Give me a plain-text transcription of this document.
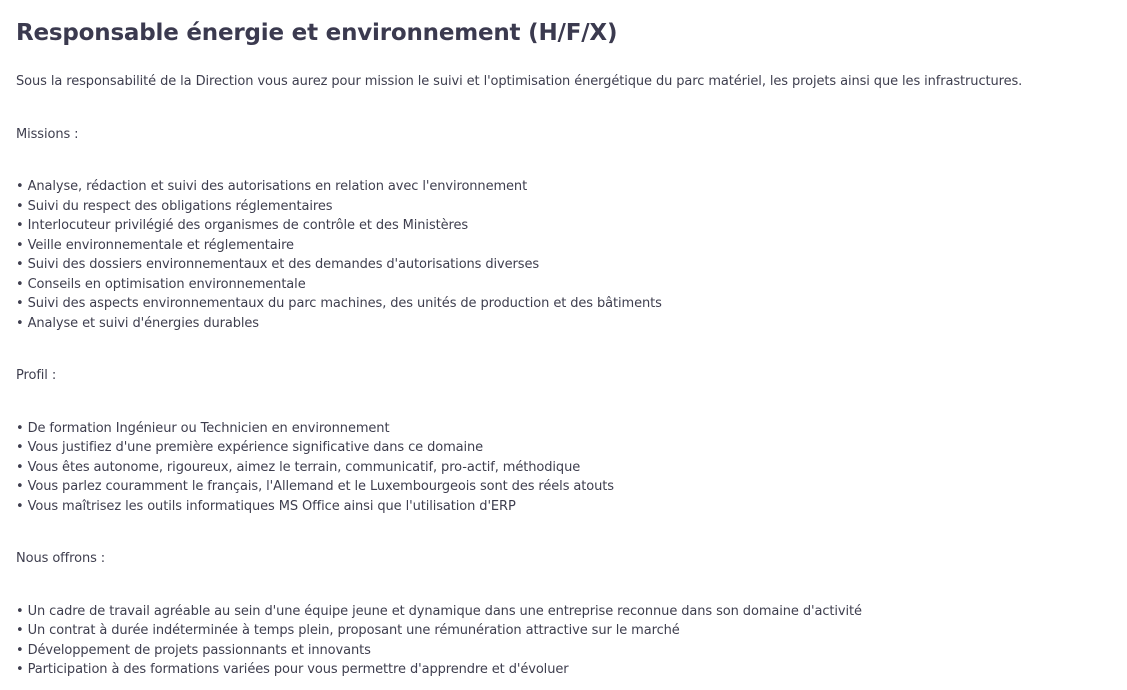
Responsable énergie et environnement (H/F/X)

Sous la responsabilité de la Direction vous aurez pour mission le suivi et l'optimisation énergétique du parc matériel, les projets ainsi que les infrastructures.

Missions :

• Analyse, rédaction et suivi des autorisations en relation avec l'environnement

• Suivi du respect des obligations réglementaires

• Interlocuteur privilégié des organismes de contrôle et des Ministères

• Veille environnementale et réglementaire

• Suivi des dossiers environnementaux et des demandes d'autorisations diverses

• Conseils en optimisation environnementale

• Suivi des aspects environnementaux du parc machines, des unités de production et des bâtiments

• Analyse et suivi d'énergies durables

Profil :

• De formation Ingénieur ou Technicien en environnement

• Vous justifiez d'une première expérience significative dans ce domaine

• Vous êtes autonome, rigoureux, aimez le terrain, communicatif, pro-actif, méthodique

• Vous parlez couramment le français, l'Allemand et le Luxembourgeois sont des réels atouts

• Vous maîtrisez les outils informatiques MS Office ainsi que l'utilisation d'ERP

Nous offrons :

• Un cadre de travail agréable au sein d'une équipe jeune et dynamique dans une entreprise reconnue dans son domaine d'activité

• Un contrat à durée indéterminée à temps plein, proposant une rémunération attractive sur le marché

• Développement de projets passionnants et innovants

• Participation à des formations variées pour vous permettre d'apprendre et d'évoluer
